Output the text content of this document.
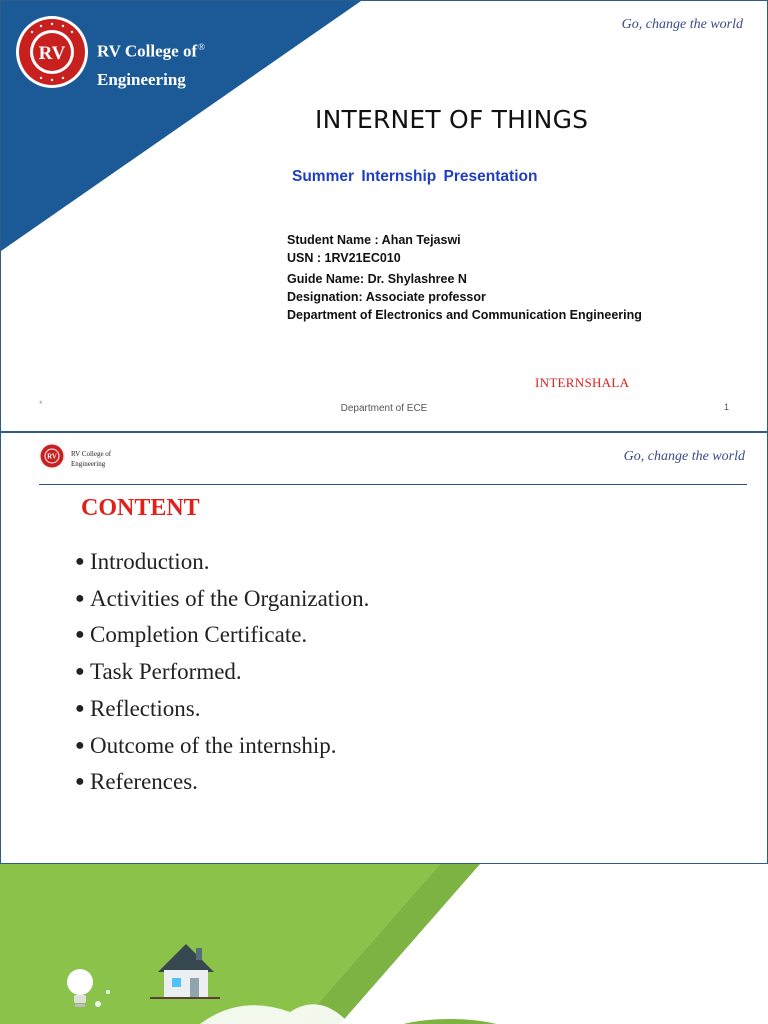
RV RV College of®
Engineering
Go, change the world
INTERNET OF THINGS
Summer Internship Presentation
Student Name : Ahan Tejaswi
USN : 1RV21EC010
Guide Name: Dr. Shylashree N
Designation: Associate professor
Department of Electronics and Communication Engineering
INTERNSHALA
*	Department of ECE	1
RV RV College of
Engineering	Go, change the world
CONTENT
● Introduction.
● Activities of the Organization.
● Completion Certificate.
● Task Performed.
● Reflections.
● Outcome of the internship.
● References.
